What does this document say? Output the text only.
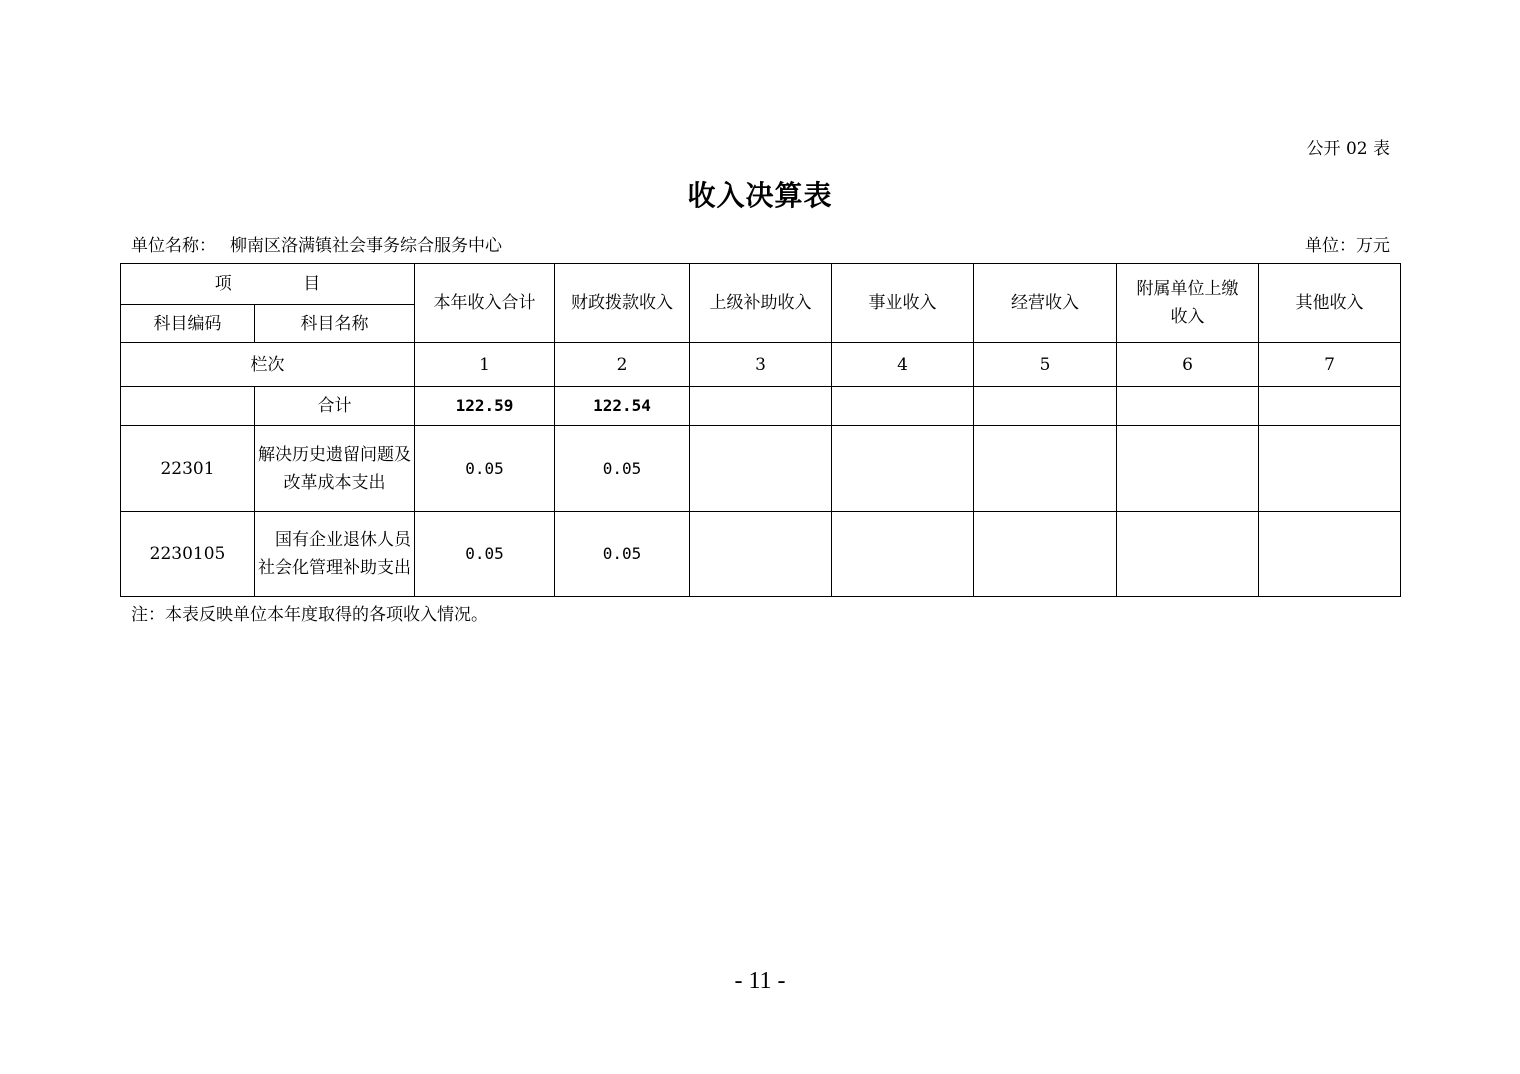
公开 02 表
收入决算表
单位名称： 柳南区洛满镇社会事务综合服务中心	单位：万元
项　目		本年收入合计	财政拨款收入	上级补助收入	事业收入	经营收入	附属单位上缴收入	其他收入
科目编码	科目名称							
栏次		1	2	3	4	5	6	7
	合计	122.59	122.54					
22301	解决历史遗留问题及改革成本支出	0.05	0.05					
2230105	国有企业退休人员社会化管理补助支出	0.05	0.05					
注：本表反映单位本年度取得的各项收入情况。
- 11 -
